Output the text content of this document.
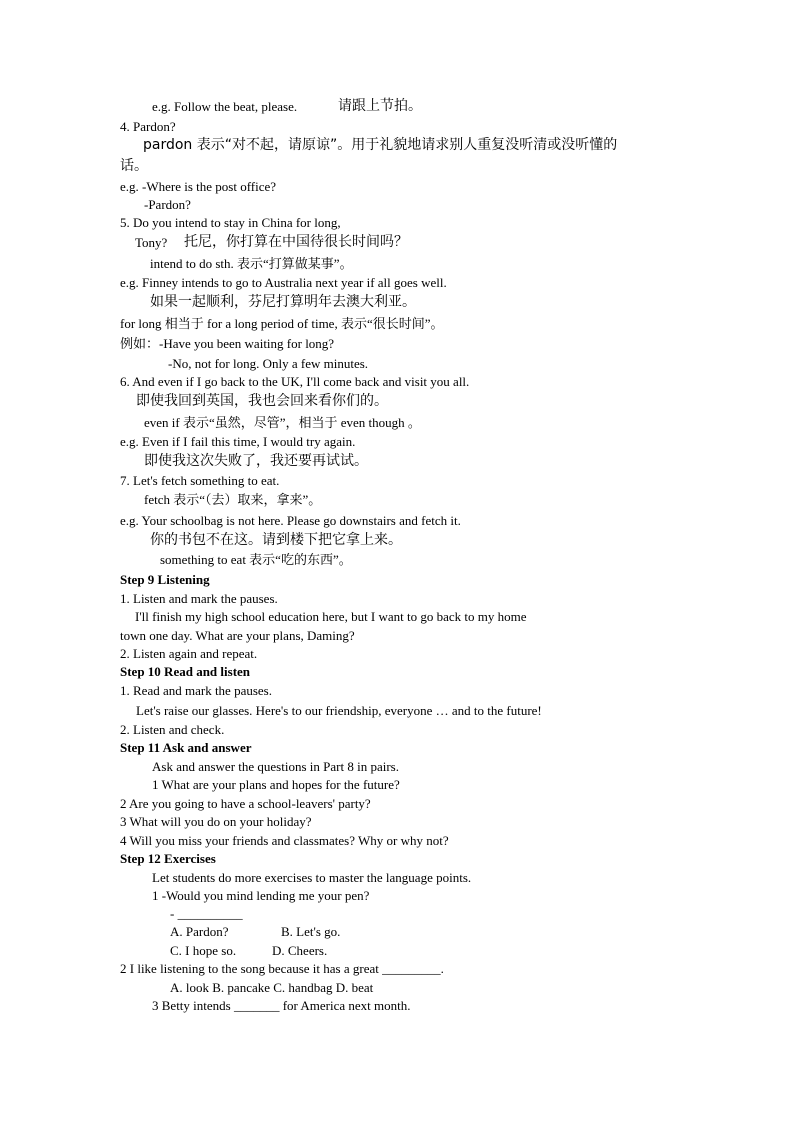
e.g. Follow the beat, please.	请跟上节拍。
4. Pardon?
pardon 表示“对不起，请原谅”。用于礼貌地请求别人重复没听清或没听懂的
话。
e.g. -Where is the post office?
-Pardon?
5. Do you intend to stay in China for long,
Tony? 托尼，你打算在中国待很长时间吗？
intend to do sth. 表示“打算做某事”。
e.g. Finney intends to go to Australia next year if all goes well.
如果一起顺利，芬尼打算明年去澳大利亚。
for long 相当于 for a long period of time, 表示“很长时间”。
例如：-Have you been waiting for long?
-No, not for long. Only a few minutes.
6. And even if I go back to the UK, I'll come back and visit you all.
即使我回到英国，我也会回来看你们的。
even if 表示“虽然，尽管”，相当于 even though 。
e.g. Even if I fail this time, I would try again.
即使我这次失败了，我还要再试试。
7. Let's fetch something to eat.
fetch 表示“（去）取来，拿来”。
e.g. Your schoolbag is not here. Please go downstairs and fetch it.
你的书包不在这。请到楼下把它拿上来。
something to eat 表示“吃的东西”。
Step 9 Listening
1. Listen and mark the pauses.
I'll finish my high school education here, but I want to go back to my home
town one day. What are your plans, Daming?
2. Listen again and repeat.
Step 10 Read and listen
1. Read and mark the pauses.
Let's raise our glasses. Here's to our friendship, everyone … and to the future!
2. Listen and check.
Step 11 Ask and answer
Ask and answer the questions in Part 8 in pairs.
1 What are your plans and hopes for the future?
2 Are you going to have a school-leavers' party?
3 What will you do on your holiday?
4 Will you miss your friends and classmates? Why or why not?
Step 12 Exercises
Let students do more exercises to master the language points.
1 -Would you mind lending me your pen?
- __________
A. Pardon?	B. Let's go.
C. I hope so.	D. Cheers.
2 I like listening to the song because it has a great _________.
A. look B. pancake C. handbag D. beat
3 Betty intends _______ for America next month.
